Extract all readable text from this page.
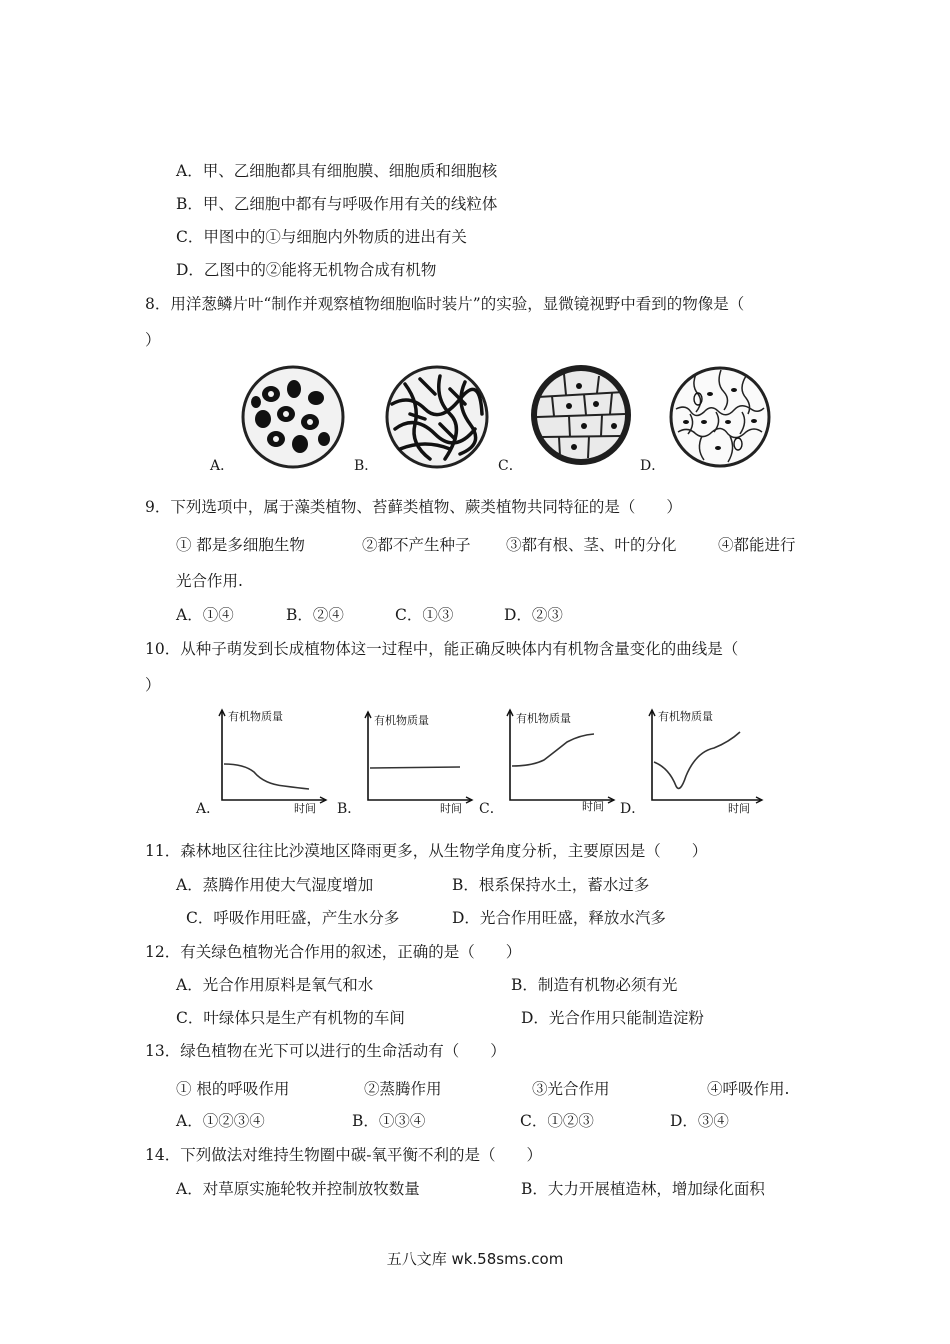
A．甲、乙细胞都具有细胞膜、细胞质和细胞核
B．甲、乙细胞中都有与呼吸作用有关的线粒体
C．甲图中的①与细胞内外物质的进出有关
D．乙图中的②能将无机物合成有机物
8．用洋葱鳞片叶“制作并观察植物细胞临时装片”的实验，显微镜视野中看到的物像是（
）
A．	B．	C．	D．
9．下列选项中，属于藻类植物、苔藓类植物、蕨类植物共同特征的是（　　）
① 都是多细胞生物	②都不产生种子 ③都有根、茎、叶的分化	④都能进行
光合作用.
A．①④	B．②④	C．①③	D．②③
10．从种子萌发到长成植物体这一过程中，能正确反映体内有机物含量变化的曲线是（
）
有机物质量
时间
有机物质量
时间
有机物质量
时间
有机物质量
时间
A．	B．	C．	D．
11．森林地区往往比沙漠地区降雨更多，从生物学角度分析，主要原因是（　　）
A．蒸腾作用使大气湿度增加	B．根系保持水土，蓄水过多
C．呼吸作用旺盛，产生水分多	D．光合作用旺盛，释放水汽多
12．有关绿色植物光合作用的叙述，正确的是（　　）
A．光合作用原料是氧气和水	B．制造有机物必须有光
C．叶绿体只是生产有机物的车间	D．光合作用只能制造淀粉
13．绿色植物在光下可以进行的生命活动有（　　）
① 根的呼吸作用	②蒸腾作用	③光合作用	④呼吸作用.
A．①②③④	B．①③④	C．①②③	D．③④
14．下列做法对维持生物圈中碳-氧平衡不利的是（　　）
A．对草原实施轮牧并控制放牧数量	B．大力开展植造林，增加绿化面积
五八文库 wk.58sms.com
